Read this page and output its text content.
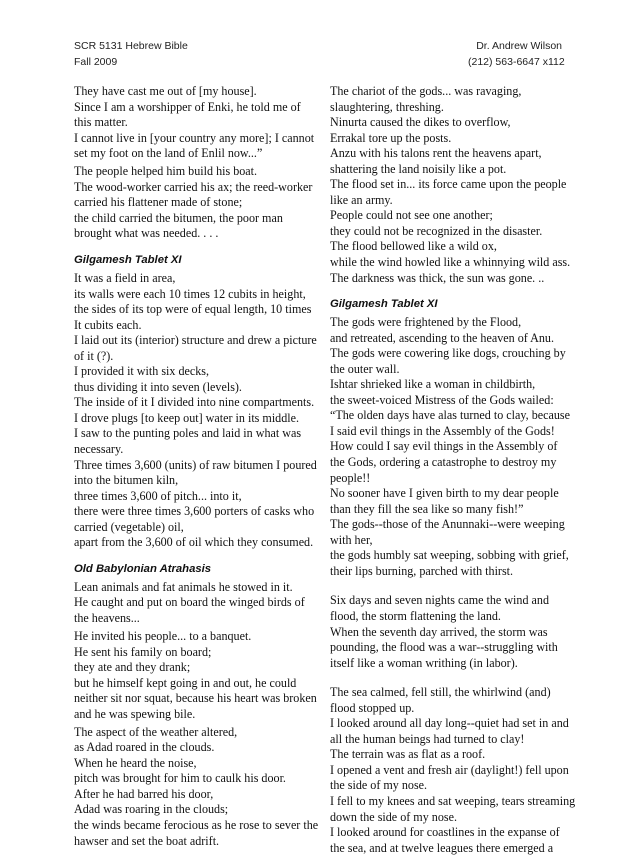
SCR 5131 Hebrew Bible
Fall 2009
Dr. Andrew Wilson
(212) 563-6647 x112
They have cast me out of [my house].
Since I am a worshipper of Enki, he told me of
this matter.
I cannot live in [your country any more]; I cannot
set my foot on the land of Enlil now...”
The people helped him build his boat.
The wood-worker carried his ax; the reed-worker
carried his flattener made of stone;
the child carried the bitumen, the poor man
brought what was needed. . . .
Gilgamesh Tablet XI
It was a field in area,
its walls were each 10 times 12 cubits in height,
the sides of its top were of equal length, 10 times
It cubits each.
I laid out its (interior) structure and drew a picture
of it (?).
I provided it with six decks,
thus dividing it into seven (levels).
The inside of it I divided into nine compartments.
I drove plugs [to keep out] water in its middle.
I saw to the punting poles and laid in what was
necessary.
Three times 3,600 (units) of raw bitumen I poured
into the bitumen kiln,
three times 3,600 of pitch... into it,
there were three times 3,600 porters of casks who
carried (vegetable) oil,
apart from the 3,600 of oil which they consumed.
Old Babylonian Atrahasis
Lean animals and fat animals he stowed in it.
He caught and put on board the winged birds of
the heavens...
He invited his people... to a banquet.
He sent his family on board;
they ate and they drank;
but he himself kept going in and out, he could
neither sit nor squat, because his heart was broken
and he was spewing bile.
The aspect of the weather altered,
as Adad roared in the clouds.
When he heard the noise,
pitch was brought for him to caulk his door.
After he had barred his door,
Adad was roaring in the clouds;
the winds became ferocious as he rose to sever the
hawser and set the boat adrift.
The chariot of the gods... was ravaging,
slaughtering, threshing.
Ninurta caused the dikes to overflow,
Errakal tore up the posts.
Anzu with his talons rent the heavens apart,
shattering the land noisily like a pot.
The flood set in... its force came upon the people
like an army.
People could not see one another;
they could not be recognized in the disaster.
The flood bellowed like a wild ox,
while the wind howled like a whinnying wild ass.
The darkness was thick, the sun was gone. ..
Gilgamesh Tablet XI
The gods were frightened by the Flood,
and retreated, ascending to the heaven of Anu.
The gods were cowering like dogs, crouching by
the outer wall.
Ishtar shrieked like a woman in childbirth,
the sweet-voiced Mistress of the Gods wailed:
“The olden days have alas turned to clay, because
I said evil things in the Assembly of the Gods!
How could I say evil things in the Assembly of
the Gods, ordering a catastrophe to destroy my
people!!
No sooner have I given birth to my dear people
than they fill the sea like so many fish!”
The gods--those of the Anunnaki--were weeping
with her,
the gods humbly sat weeping, sobbing with grief,
their lips burning, parched with thirst.
Six days and seven nights came the wind and
flood, the storm flattening the land.
When the seventh day arrived, the storm was
pounding, the flood was a war--struggling with
itself like a woman writhing (in labor).
The sea calmed, fell still, the whirlwind (and)
flood stopped up.
I looked around all day long--quiet had set in and
all the human beings had turned to clay!
The terrain was as flat as a roof.
I opened a vent and fresh air (daylight!) fell upon
the side of my nose.
I fell to my knees and sat weeping, tears streaming
down the side of my nose.
I looked around for coastlines in the expanse of
the sea, and at twelve leagues there emerged a
